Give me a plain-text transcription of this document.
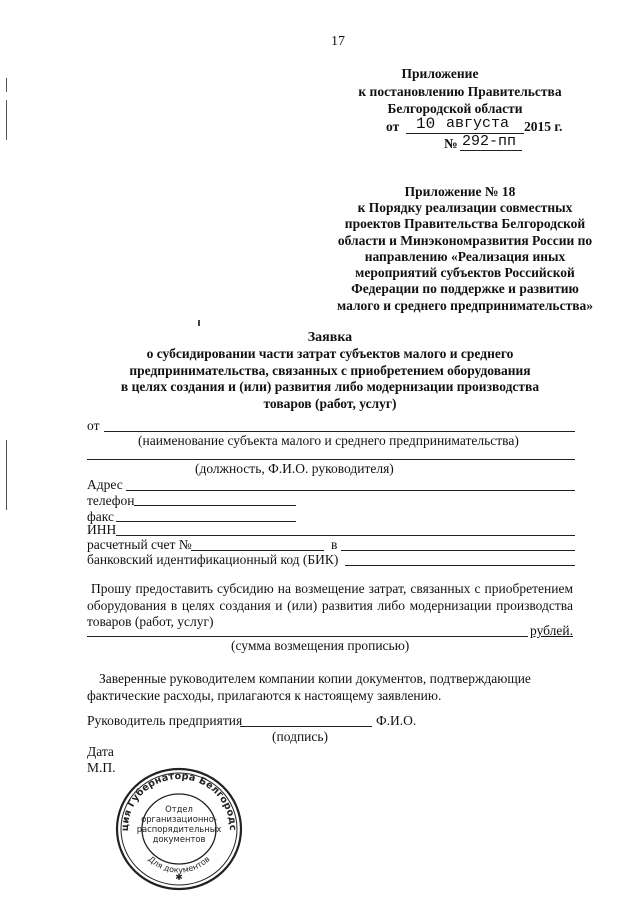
17
Приложение
к постановлению Правительства
Белгородской области
от 10 августа 2015 г.
№ 292-пп
Приложение № 18
к Порядку реализации совместных
проектов Правительства Белгородской
области и Минэкономразвития России по
направлению «Реализация иных
мероприятий субъектов Российской
Федерации по поддержке и развитию
малого и среднего предпринимательства»
Заявка
о субсидировании части затрат субъектов малого и среднего
предпринимательства, связанных с приобретением оборудования
в целях создания и (или) развития либо модернизации производства
товаров (работ, услуг)
от
(наименование субъекта малого и среднего предпринимательства)
(должность, Ф.И.О. руководителя)
Адрес
телефон
факс
ИНН
расчетный счет №	в
банковский идентификационный код (БИК)
Прошу предоставить субсидию на возмещение затрат, связанных с приобретением оборудования в целях создания и (или) развития либо модернизации производства товаров (работ, услуг)
рублей.
(сумма возмещения прописью)
Заверенные руководителем компании копии документов, подтверждающие фактические расходы, прилагаются к настоящему заявлению.
Руководитель предприятия	Ф.И.О.
(подпись)
Дата
М.П.
ция Губернатора Белгородс
Для документов
Отдел
организационно-
распорядительных
документов
✱
